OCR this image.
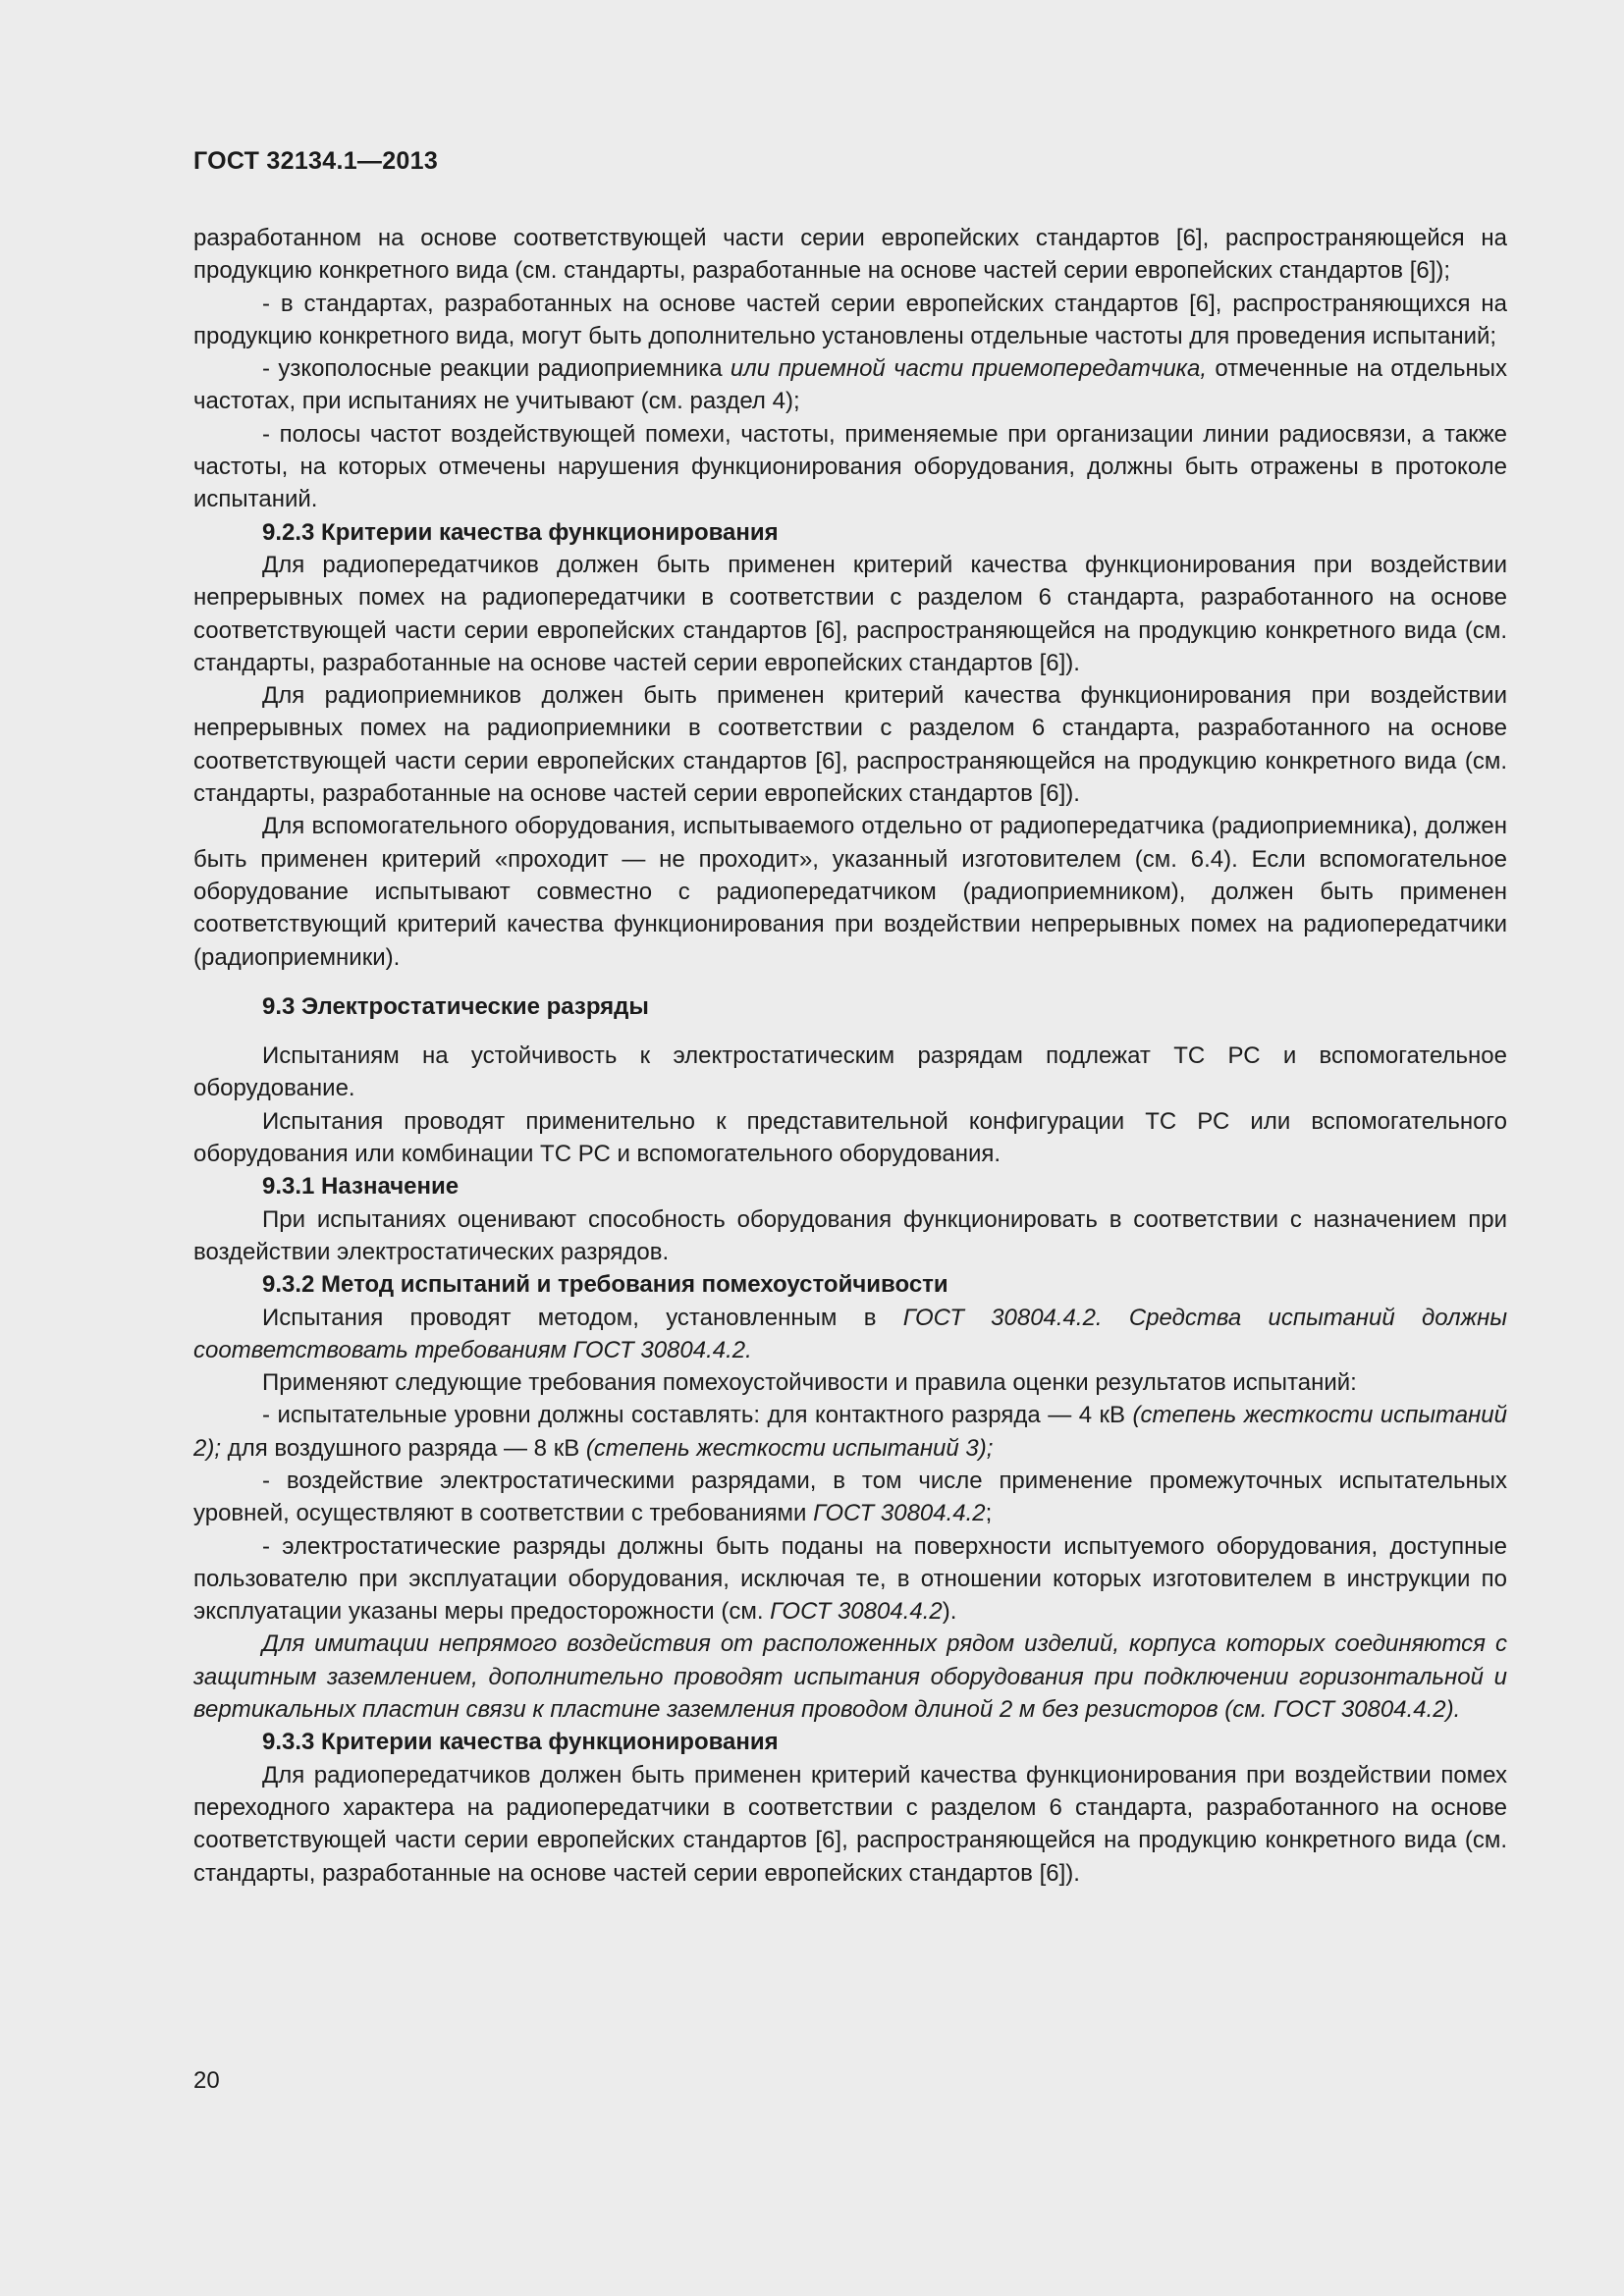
ГОСТ 32134.1—2013

разработанном на основе соответствующей части серии европейских стандартов [6], распространяющейся на продукцию конкретного вида (см. стандарты, разработанные на основе частей серии европейских стандартов [6]);

- в стандартах, разработанных на основе частей серии европейских стандартов [6], распространяющихся на продукцию конкретного вида, могут быть дополнительно установлены отдельные частоты для проведения испытаний;

- узкополосные реакции радиоприемника или приемной части приемопередатчика, отмеченные на отдельных частотах, при испытаниях не учитывают (см. раздел 4);

- полосы частот воздействующей помехи, частоты, применяемые при организации линии радиосвязи, а также частоты, на которых отмечены нарушения функционирования оборудования, должны быть отражены в протоколе испытаний.

9.2.3 Критерии качества функционирования

Для радиопередатчиков должен быть применен критерий качества функционирования при воздействии непрерывных помех на радиопередатчики в соответствии с разделом 6 стандарта, разработанного на основе соответствующей части серии европейских стандартов [6], распространяющейся на продукцию конкретного вида (см. стандарты, разработанные на основе частей серии европейских стандартов [6]).

Для радиоприемников должен быть применен критерий качества функционирования при воздействии непрерывных помех на радиоприемники в соответствии с разделом 6 стандарта, разработанного на основе соответствующей части серии европейских стандартов [6], распространяющейся на продукцию конкретного вида (см. стандарты, разработанные на основе частей серии европейских стандартов [6]).

Для вспомогательного оборудования, испытываемого отдельно от радиопередатчика (радиоприемника), должен быть применен критерий «проходит — не проходит», указанный изготовителем (см. 6.4). Если вспомогательное оборудование испытывают совместно с радиопередатчиком (радиоприемником), должен быть применен соответствующий критерий качества функционирования при воздействии непрерывных помех на радиопередатчики (радиоприемники).

9.3 Электростатические разряды

Испытаниям на устойчивость к электростатическим разрядам подлежат ТС РС и вспомогательное оборудование.

Испытания проводят применительно к представительной конфигурации ТС РС или вспомогательного оборудования или комбинации ТС РС и вспомогательного оборудования.

9.3.1 Назначение

При испытаниях оценивают способность оборудования функционировать в соответствии с назначением при воздействии электростатических разрядов.

9.3.2 Метод испытаний и требования помехоустойчивости

Испытания проводят методом, установленным в ГОСТ 30804.4.2. Средства испытаний должны соответствовать требованиям ГОСТ 30804.4.2.

Применяют следующие требования помехоустойчивости и правила оценки результатов испытаний:

- испытательные уровни должны составлять: для контактного разряда — 4 кВ (степень жесткости испытаний 2); для воздушного разряда — 8 кВ (степень жесткости испытаний 3);

- воздействие электростатическими разрядами, в том числе применение промежуточных испытательных уровней, осуществляют в соответствии с требованиями ГОСТ 30804.4.2;

- электростатические разряды должны быть поданы на поверхности испытуемого оборудования, доступные пользователю при эксплуатации оборудования, исключая те, в отношении которых изготовителем в инструкции по эксплуатации указаны меры предосторожности (см. ГОСТ 30804.4.2).

Для имитации непрямого воздействия от расположенных рядом изделий, корпуса которых соединяются с защитным заземлением, дополнительно проводят испытания оборудования при подключении горизонтальной и вертикальных пластин связи к пластине заземления проводом длиной 2 м без резисторов (см. ГОСТ 30804.4.2).

9.3.3 Критерии качества функционирования

Для радиопередатчиков должен быть применен критерий качества функционирования при воздействии помех переходного характера на радиопередатчики в соответствии с разделом 6 стандарта, разработанного на основе соответствующей части серии европейских стандартов [6], распространяющейся на продукцию конкретного вида (см. стандарты, разработанные на основе частей серии европейских стандартов [6]).

20
